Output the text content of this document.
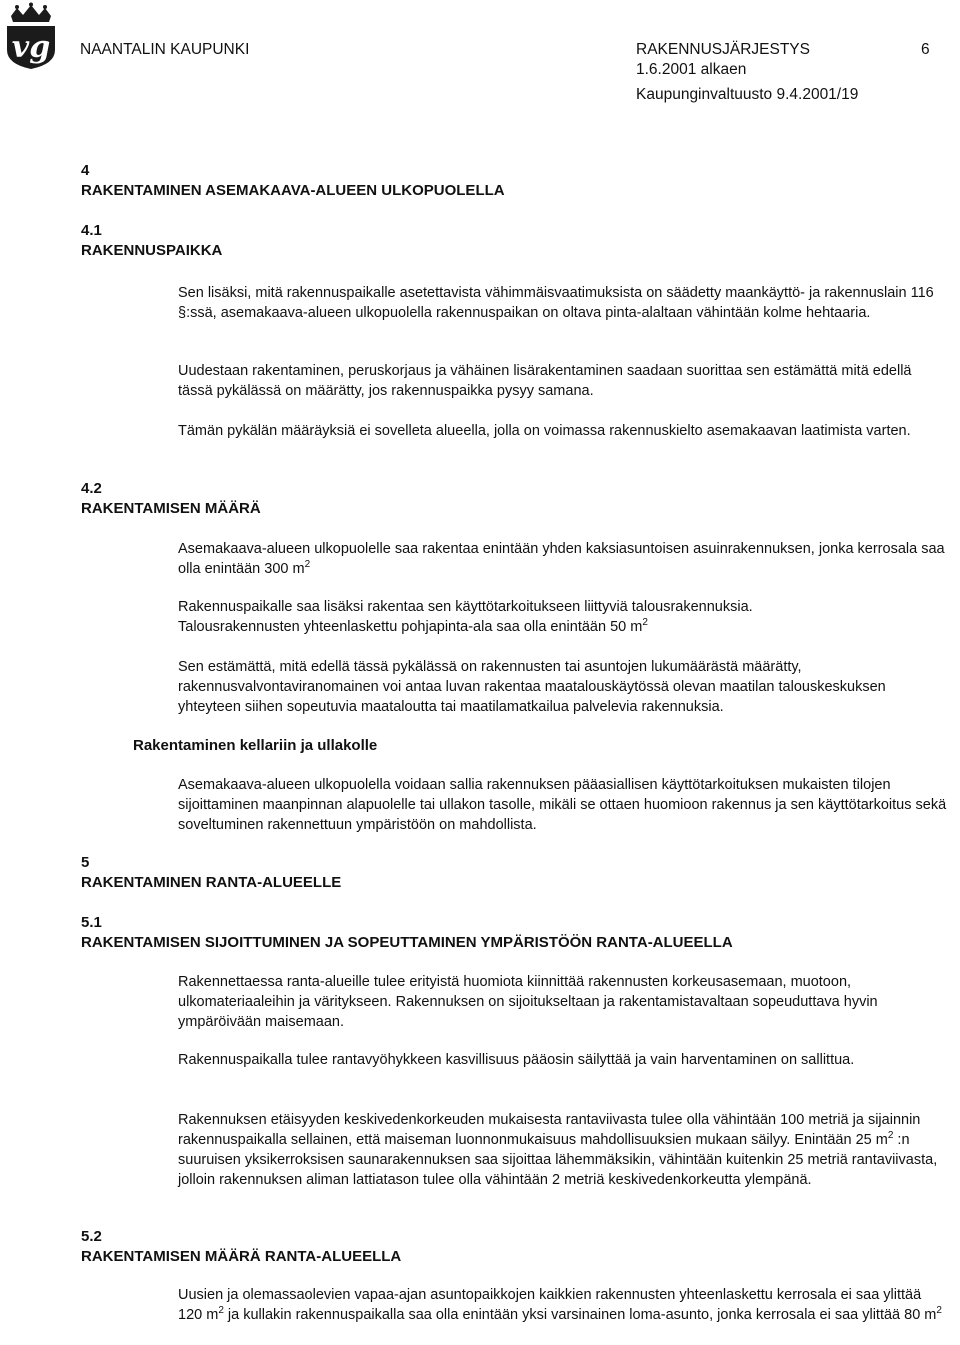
vg NAANTALIN KAUPUNKI	RAKENNUSJÄRJESTYS
1.6.2001 alkaen
Kaupunginvaltuusto 9.4.2001/19
6
4
RAKENTAMINEN ASEMAKAAVA-ALUEEN ULKOPUOLELLA
4.1
RAKENNUSPAIKKA
Sen lisäksi, mitä rakennuspaikalle asetettavista vähimmäisvaatimuksista on säädetty maankäyttö- ja rakennuslain 116 §:ssä, asemakaava-alueen ulkopuolella rakennuspaikan on oltava pinta-alaltaan vähintään kolme hehtaaria.
Uudestaan rakentaminen, peruskorjaus ja vähäinen lisärakentaminen saadaan suorittaa sen estämättä mitä edellä tässä pykälässä on määrätty, jos rakennuspaikka pysyy samana.
Tämän pykälän määräyksiä ei sovelleta alueella, jolla on voimassa rakennuskielto asemakaavan laatimista varten.
4.2
RAKENTAMISEN MÄÄRÄ
Asemakaava-alueen ulkopuolelle saa rakentaa enintään yhden kaksiasuntoisen asuinrakennuksen, jonka kerrosala saa olla enintään 300 $m^2$
Rakennuspaikalle saa lisäksi rakentaa sen käyttötarkoitukseen liittyviä talousrakennuksia.
Talousrakennusten yhteenlaskettu pohjapinta-ala saa olla enintään 50 $m^2$
Sen estämättä, mitä edellä tässä pykälässä on rakennusten tai asuntojen lukumäärästä määrätty, rakennusvalvontaviranomainen voi antaa luvan rakentaa maatalouskäytössä olevan maatilan talouskeskuksen yhteyteen siihen sopeutuvia maataloutta tai maatilamatkailua palvelevia rakennuksia.
Rakentaminen kellariin ja ullakolle
Asemakaava-alueen ulkopuolella voidaan sallia rakennuksen pääasiallisen käyttötarkoituksen mukaisten tilojen sijoittaminen maanpinnan alapuolelle tai ullakon tasolle, mikäli se ottaen huomioon rakennus ja sen käyttötarkoitus sekä soveltuminen rakennettuun ympäristöön on mahdollista.
5
RAKENTAMINEN RANTA-ALUEELLE
5.1
RAKENTAMISEN SIJOITTUMINEN JA SOPEUTTAMINEN YMPÄRISTÖÖN RANTA-ALUEELLA
Rakennettaessa ranta-alueille tulee erityistä huomiota kiinnittää rakennusten korkeusasemaan, muotoon, ulkomateriaaleihin ja väritykseen. Rakennuksen on sijoitukseltaan ja rakentamistavaltaan sopeuduttava hyvin ympäröivään maisemaan.
Rakennuspaikalla tulee rantavyöhykkeen kasvillisuus pääosin säilyttää ja vain harventaminen on sallittua.
Rakennuksen etäisyyden keskivedenkorkeuden mukaisesta rantaviivasta tulee olla vähintään 100 metriä ja sijainnin rakennuspaikalla sellainen, että maiseman luonnonmukaisuus mahdollisuuksien mukaan säilyy. Enintään 25 $m^2$ :n suuruisen yksikerroksisen saunarakennuksen saa sijoittaa lähemmäksikin, vähintään kuitenkin 25 metriä rantaviivasta, jolloin rakennuksen aliman lattiatason tulee olla vähintään 2 metriä keskivedenkorkeutta ylempänä.
5.2
RAKENTAMISEN MÄÄRÄ RANTA-ALUEELLA
Uusien ja olemassaolevien vapaa-ajan asuntopaikkojen kaikkien rakennusten yhteenlaskettu kerrosala ei saa ylittää 120 $m^2$ ja kullakin rakennuspaikalla saa olla enintään yksi varsinainen loma-asunto, jonka kerrosala ei saa ylittää 80 $m^2$
